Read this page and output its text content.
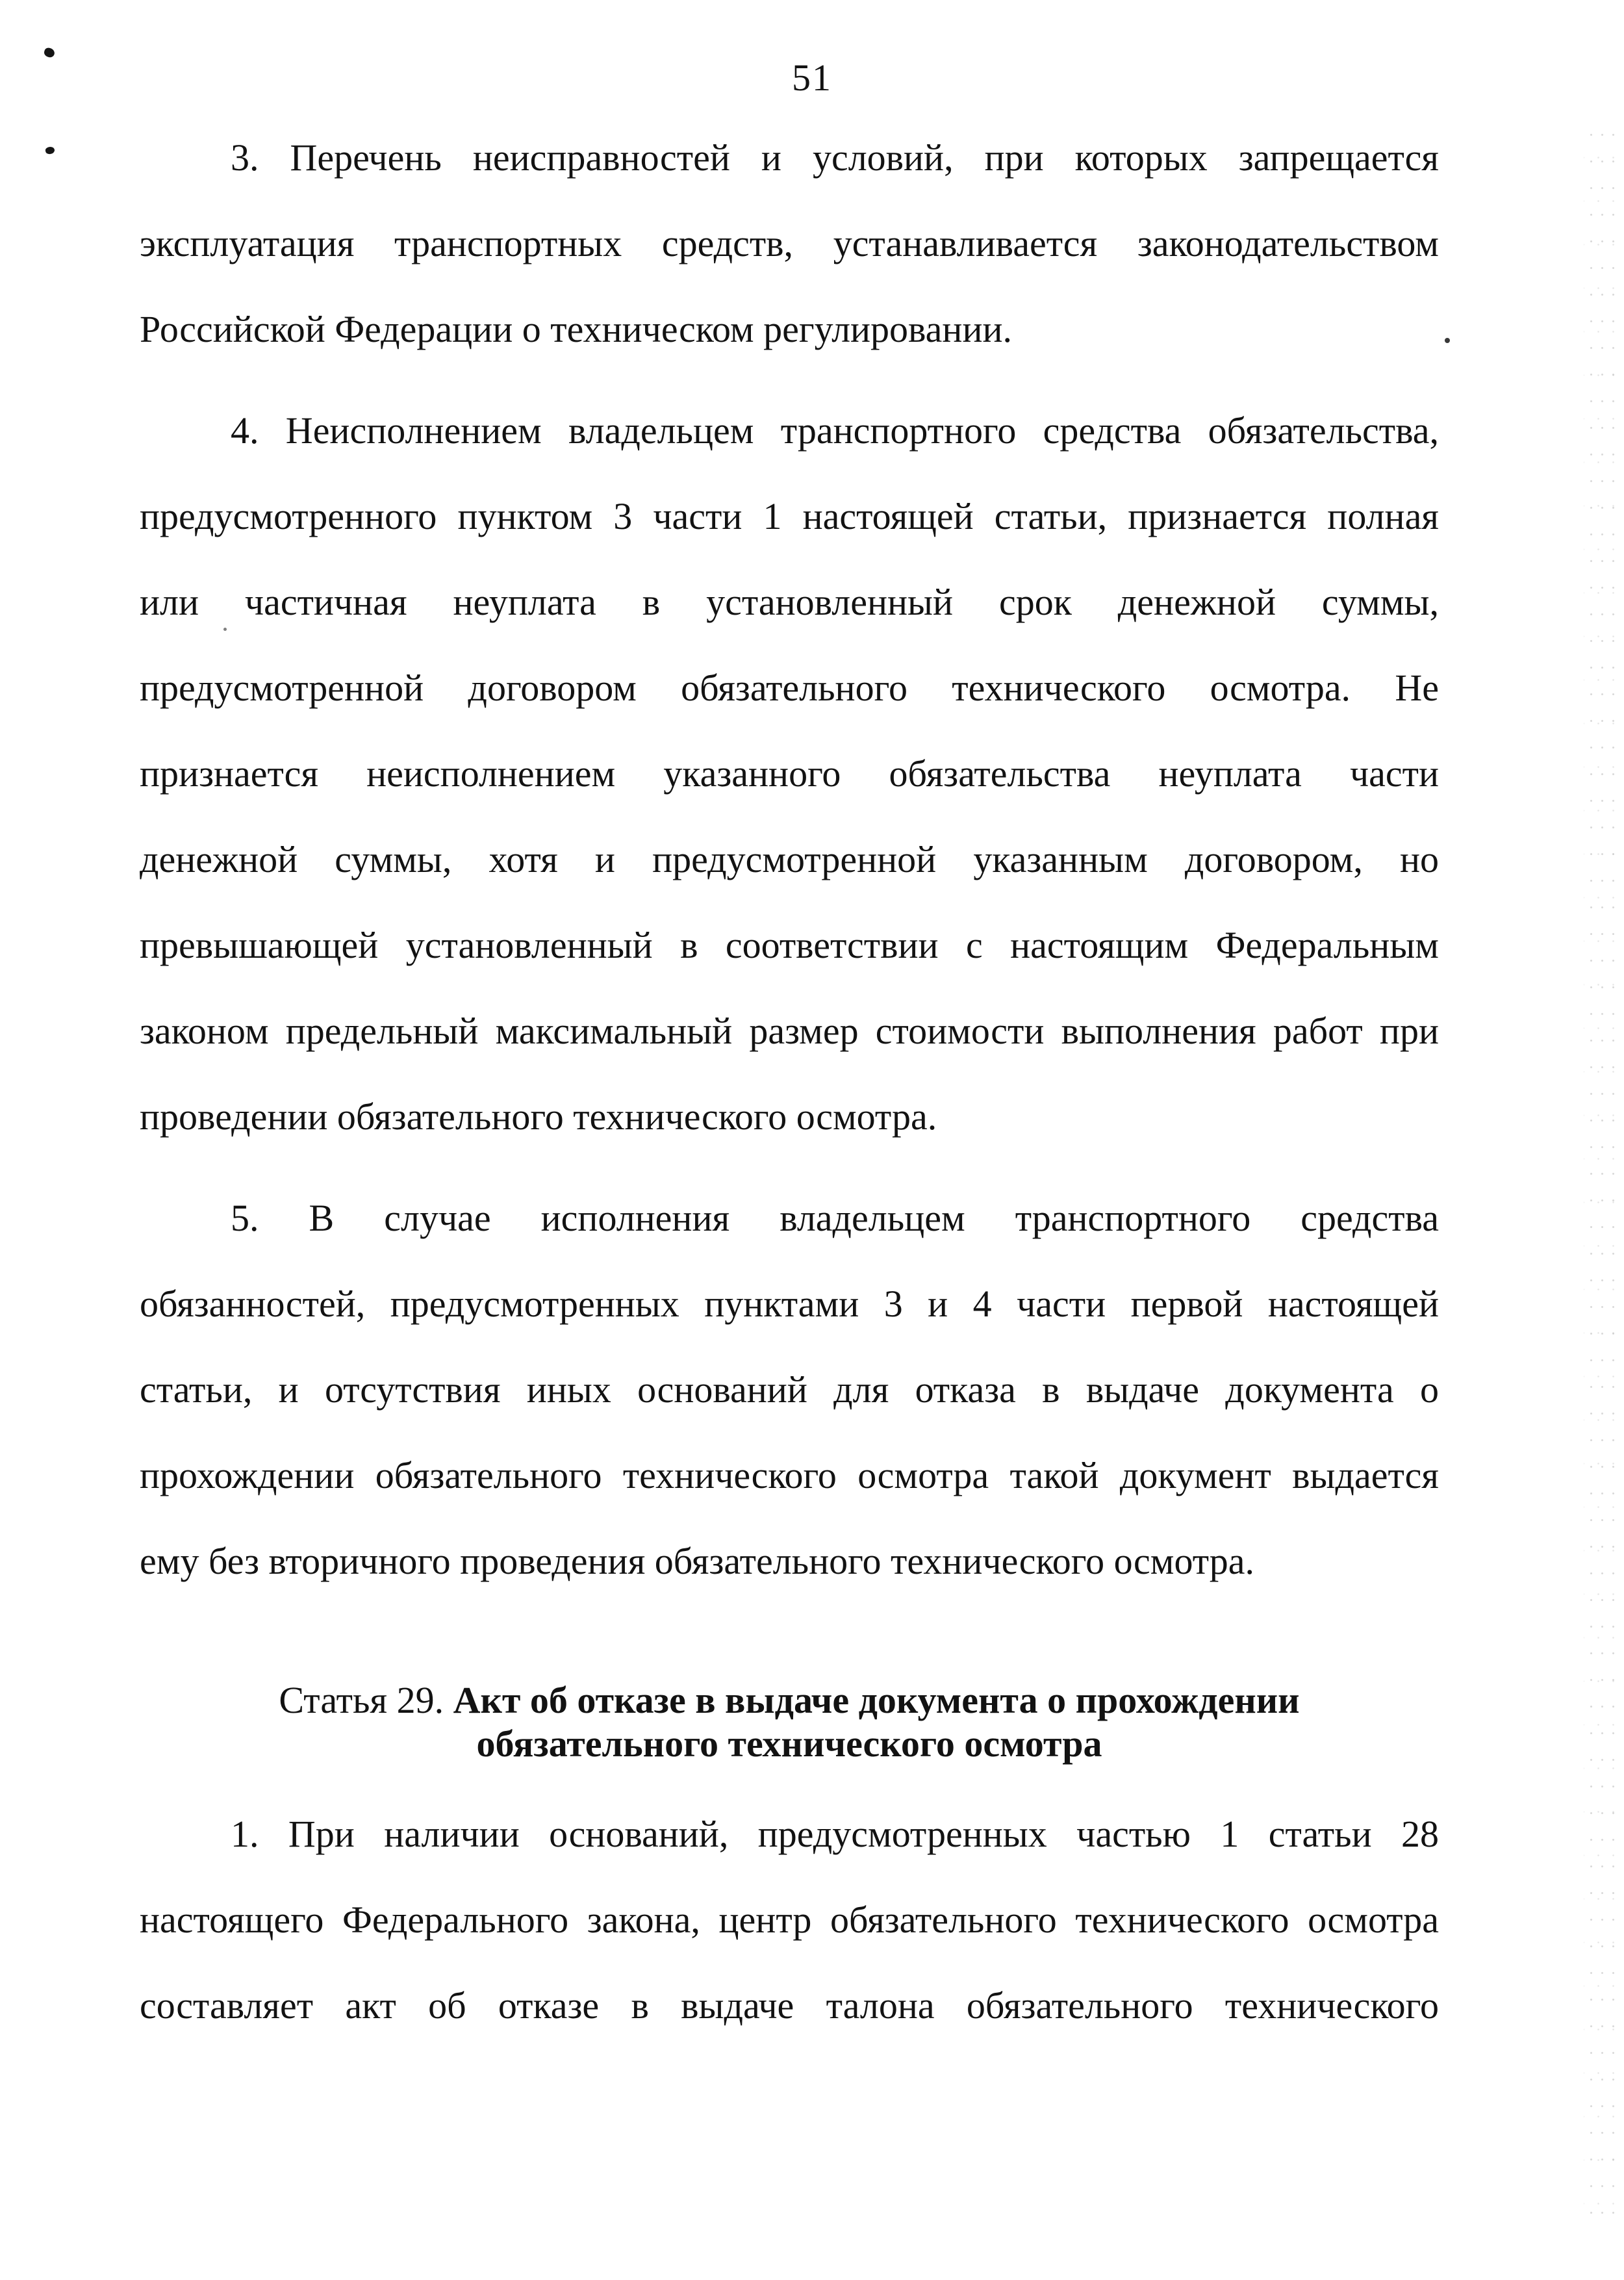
51
3. Перечень неисправностей и условий, при которых запрещается
эксплуатация транспортных средств, устанавливается законодательством
Российской Федерации о техническом регулировании.
4. Неисполнением владельцем транспортного средства обязательства,
предусмотренного пунктом 3 части 1 настоящей статьи, признается полная
или частичная неуплата в установленный срок денежной суммы,
предусмотренной договором обязательного технического осмотра. Не
признается неисполнением указанного обязательства неуплата части
денежной суммы, хотя и предусмотренной указанным договором, но
превышающей установленный в соответствии с настоящим Федеральным
законом предельный максимальный размер стоимости выполнения работ при
проведении обязательного технического осмотра.
5. В случае исполнения владельцем транспортного средства
обязанностей, предусмотренных пунктами 3 и 4 части первой настоящей
статьи, и отсутствия иных оснований для отказа в выдаче документа о
прохождении обязательного технического осмотра такой документ выдается
ему без вторичного проведения обязательного технического осмотра.
Статья 29. Акт об отказе в выдаче документа о прохождении
обязательного технического осмотра
1. При наличии оснований, предусмотренных частью 1 статьи 28
настоящего Федерального закона, центр обязательного технического осмотра
составляет акт об отказе в выдаче талона обязательного технического
